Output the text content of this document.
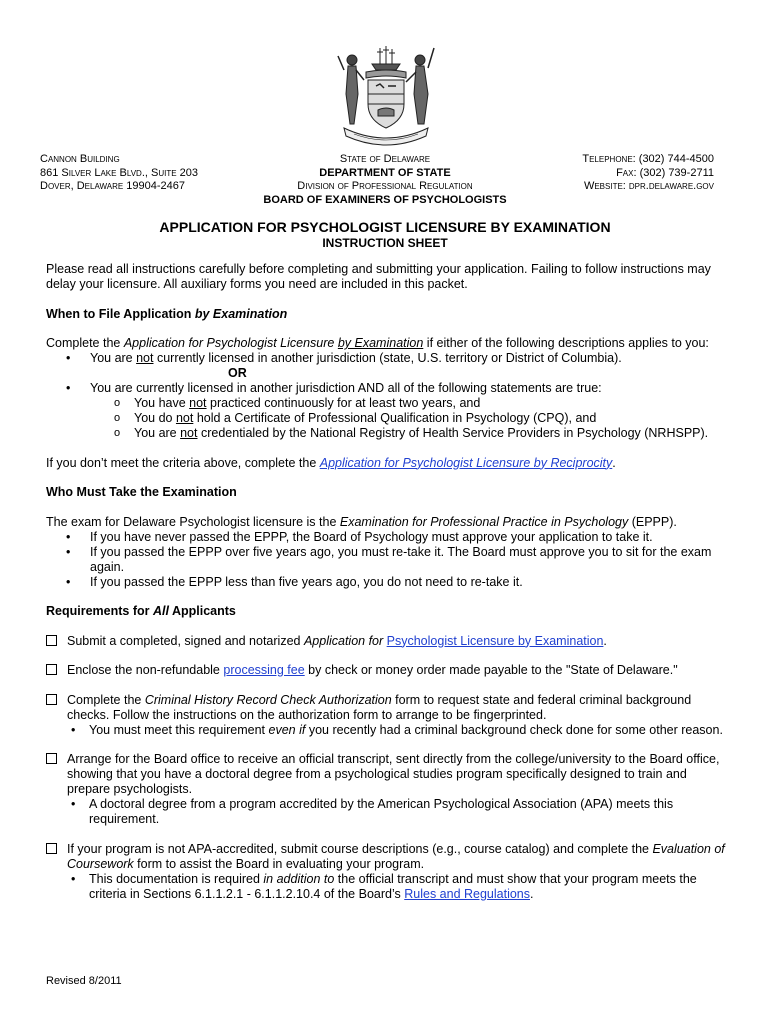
Cannon Building
861 Silver Lake Blvd., Suite 203
Dover, Delaware 19904-2467
State of Delaware
DEPARTMENT OF STATE
Division of Professional Regulation
BOARD OF EXAMINERS OF PSYCHOLOGISTS
Telephone: (302) 744-4500
Fax: (302) 739-2711
Website: dpr.delaware.gov
APPLICATION FOR PSYCHOLOGIST LICENSURE BY EXAMINATION
INSTRUCTION SHEET

Please read all instructions carefully before completing and submitting your application. Failing to follow instructions may delay your licensure. All auxiliary forms you need are included in this packet.

When to File Application by Examination

Complete the Application for Psychologist Licensure by Examination if either of the following descriptions applies to you:

• You are not currently licensed in another jurisdiction (state, U.S. territory or District of Columbia).

OR

• You are currently licensed in another jurisdiction AND all of the following statements are true:
o You have not practiced continuously for at least two years, and
o You do not hold a Certificate of Professional Qualification in Psychology (CPQ), and
o You are not credentialed by the National Registry of Health Service Providers in Psychology (NRHSPP).

If you don’t meet the criteria above, complete the Application for Psychologist Licensure by Reciprocity.

Who Must Take the Examination

The exam for Delaware Psychologist licensure is the Examination for Professional Practice in Psychology (EPPP).

• If you have never passed the EPPP, the Board of Psychology must approve your application to take it.
• If you passed the EPPP over five years ago, you must re-take it. The Board must approve you to sit for the exam again.
• If you passed the EPPP less than five years ago, you do not need to re-take it.

Requirements for All Applicants

Submit a completed, signed and notarized Application for Psychologist Licensure by Examination.
Enclose the non-refundable processing fee by check or money order made payable to the "State of Delaware."
Complete the Criminal History Record Check Authorization form to request state and federal criminal background checks. Follow the instructions on the authorization form to arrange to be fingerprinted.
• You must meet this requirement even if you recently had a criminal background check done for some other reason.
Arrange for the Board office to receive an official transcript, sent directly from the college/university to the Board office, showing that you have a doctoral degree from a psychological studies program specifically designed to train and prepare psychologists.
• A doctoral degree from a program accredited by the American Psychological Association (APA) meets this requirement.
If your program is not APA-accredited, submit course descriptions (e.g., course catalog) and complete the Evaluation of Coursework form to assist the Board in evaluating your program.
• This documentation is required in addition to the official transcript and must show that your program meets the criteria in Sections 6.1.1.2.1 - 6.1.1.2.10.4 of the Board’s Rules and Regulations.
Revised 8/2011
